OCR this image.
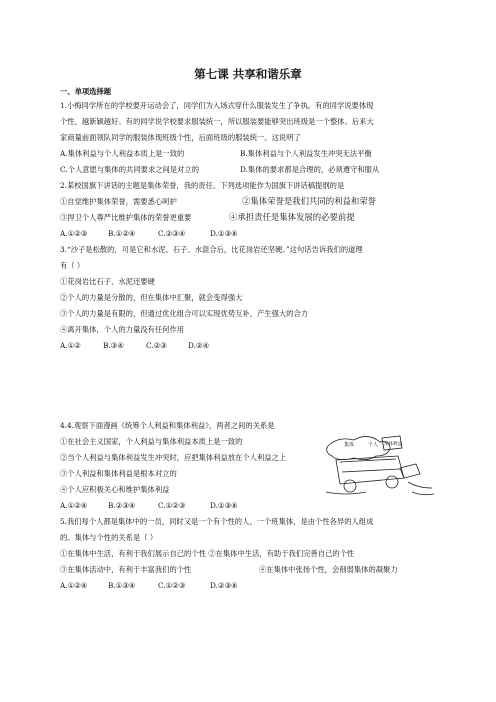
第七课 共享和谐乐章
一、单项选择题
1.小梅同学所在的学校要开运动会了，同学们为入场式穿什么服装发生了争执。有的同学说要体现
个性，越新颖越好。有的同学说学校要求服装统一，所以服装要能够突出班级是一个整体。后来大
家商量前面领队同学的服装体现班级个性，后面班级的服装统一。这说明了
A.集体利益与个人利益本质上是一致的	B.集体利益与个人利益发生冲突无法平衡
C.个人意愿与集体的共同要求之间是对立的	D.集体的要求都是合理的，必须遵守和服从
2.某校国旗下讲话的主题是集体荣誉，我的责任。下列选项能作为国旗下讲话稿提纲的是
①自觉维护集体荣誉，需要悉心呵护	②集体荣誉是我们共同的利益和荣誉
③捍卫个人尊严比维护集体的荣誉更重要	④承担责任是集体发展的必要前提
A.①②③	B.①②④	C.②③④	D.①③④
3.“沙子是松散的，可是它和水泥、石子、水混合后，比花岗岩还坚硬。”这句话告诉我们的道理
有（ ）
①花岗岩比石子、水泥还要硬
②个人的力量是分散的，但在集体中汇聚，就会变得强大
③个人的力量是有限的，但通过优化组合可以实现优势互补，产生强大的合力
④离开集体，个人的力量没有任何作用
A.①②	B.③④	C.②③	D.②④
4.4.观察下面漫画《统筹个人利益和集体利益》，两者之间的关系是
①在社会主义国家，个人利益与集体利益本质上是一致的
②当个人利益与集体利益发生冲突时，应把集体利益放在个人利益之上
③个人利益和集体利益是根本对立的
④个人应积极关心和维护集体利益
A.①②④	B.②③④	C.①②③	D.①③④
集体	个人 集体利益
5.我们每个人都是集体中的一员，同时又是一个有个性的人、一个班集体，是由个性各异的人组成
的。集体与个性的关系是（ ）
①在集体中生活，有利于我们展示自己的个性 ②在集体中生活，有助于我们完善自己的个性
③在集体活动中，有利于丰富我们的个性	④在集体中张扬个性，会削弱集体的凝聚力
A.①②④	B.①③④	C.①②③	D.②③④
